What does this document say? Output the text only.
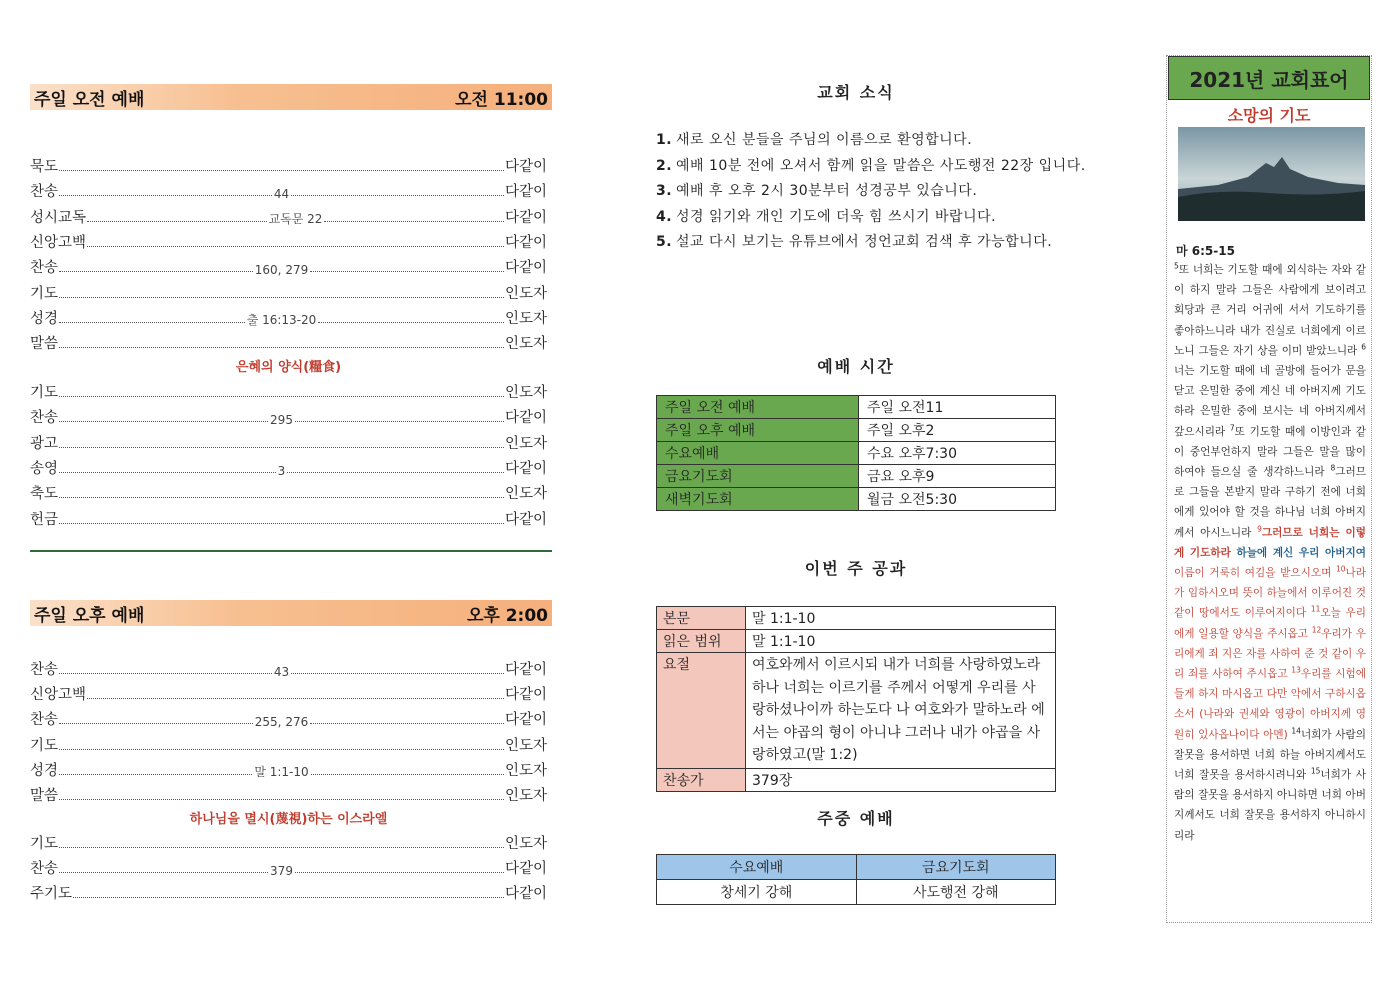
주일 오전 예배	오전 11:00
묵도	다같이
찬송	44	다같이
성시교독	교독문 22	다같이
신앙고백	다같이
찬송	160, 279	다같이
기도	인도자
성경	출 16:13-20	인도자
말씀	인도자
은혜의 양식(糧食)
기도	인도자
찬송	295	다같이
광고	인도자
송영	3	다같이
축도	인도자
헌금	다같이
주일 오후 예배	오후 2:00
찬송	43	다같이
신앙고백	다같이
찬송	255, 276	다같이
기도	인도자
성경	말 1:1-10	인도자
말씀	인도자
하나님을 멸시(蔑視)하는 이스라엘
기도	인도자
찬송	379	다같이
주기도	다같이
교회 소식
1. 새로 오신 분들을 주님의 이름으로 환영합니다.
2. 예배 10분 전에 오셔서 함께 읽을 말씀은 사도행전 22장 입니다.
3. 예배 후 오후 2시 30분부터 성경공부 있습니다.
4. 성경 읽기와 개인 기도에 더욱 힘 쓰시기 바랍니다.
5. 설교 다시 보기는 유튜브에서 정언교회 검색 후 가능합니다.
예배 시간
주일 오전 예배	주일 오전11
주일 오후 예배	주일 오후2
수요예배	수요 오후7:30
금요기도회	금요 오후9
새벽기도회	월금 오전5:30
이번 주 공과
본문	말 1:1-10
읽은 범위	말 1:1-10
요절	여호와께서 이르시되 내가 너희를 사랑하였노라 하나 너희는 이르기를 주께서 어떻게 우리를 사랑하셨나이까 하는도다 나 여호와가 말하노라 에서는 야곱의 형이 아니냐 그러나 내가 야곱을 사랑하였고(말 1:2)
찬송가	379장
주중 예배
수요예배	금요기도회
창세기 강해	사도행전 강해
2021년 교회표어
소망의 기도
마 6:5-15
$^5$또 너희는 기도할 때에 외식하는 자와 같이 하지 말라 그들은 사람에게 보이려고 회당과 큰 거리 어귀에 서서 기도하기를 좋아하느니라 내가 진실로 너희에게 이르노니 그들은 자기 상을 이미 받았느니라 $^6$너는 기도할 때에 네 골방에 들어가 문을 닫고 은밀한 중에 계신 네 아버지께 기도하라 은밀한 중에 보시는 네 아버지께서 갚으시리라 $^7$또 기도할 때에 이방인과 같이 중언부언하지 말라 그들은 말을 많이 하여야 들으실 줄 생각하느니라 $^8$그러므로 그들을 본받지 말라 구하기 전에 너희에게 있어야 할 것을 하나님 너희 아버지께서 아시느니라 $^9$그러므로 너희는 이렇게 기도하라 하늘에 계신 우리 아버지여 이름이 거룩히 여김을 받으시오며 $^{10}$나라가 임하시오며 뜻이 하늘에서 이루어진 것 같이 땅에서도 이루어지이다 $^{11}$오늘 우리에게 일용할 양식을 주시옵고 $^{12}$우리가 우리에게 죄 지은 자를 사하여 준 것 같이 우리 죄를 사하여 주시옵고 $^{13}$우리를 시험에 들게 하지 마시옵고 다만 악에서 구하시옵소서 (나라와 권세와 영광이 아버지께 영원히 있사옵나이다 아멘) $^{14}$너희가 사람의 잘못을 용서하면 너희 하늘 아버지께서도 너희 잘못을 용서하시려니와 $^{15}$너희가 사람의 잘못을 용서하지 아니하면 너희 아버지께서도 너희 잘못을 용서하지 아니하시리라
